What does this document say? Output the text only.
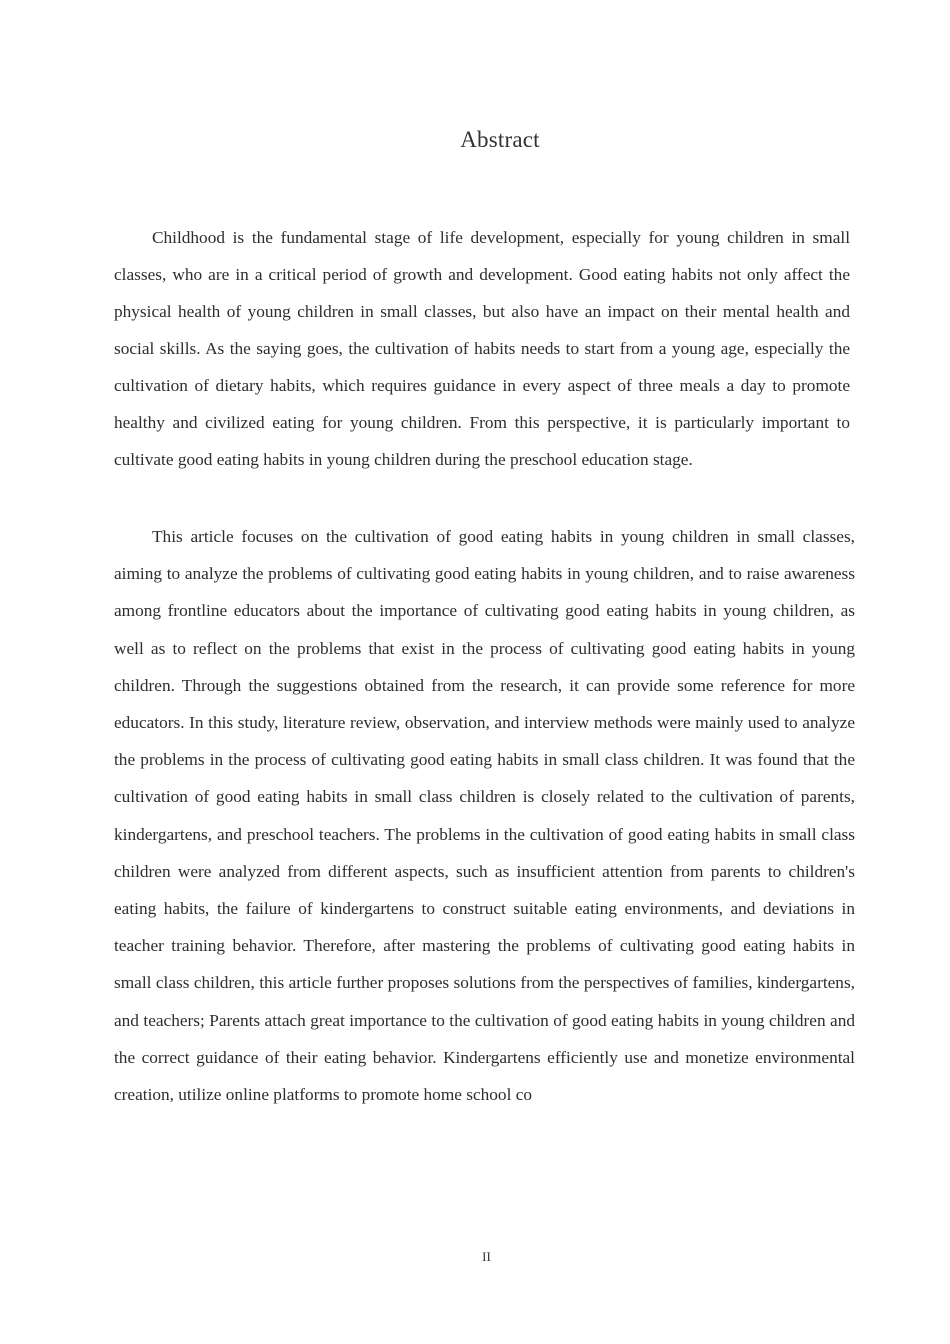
Abstract

Childhood is the fundamental stage of life development, especially for young children in small classes, who are in a critical period of growth and development. Good eating habits not only affect the physical health of young children in small classes, but also have an impact on their mental health and social skills. As the saying goes, the cultivation of habits needs to start from a young age, especially the cultivation of dietary habits, which requires guidance in every aspect of three meals a day to promote healthy and civilized eating for young children. From this perspective, it is particularly important to cultivate good eating habits in young children during the preschool education stage.

This article focuses on the cultivation of good eating habits in young children in small classes, aiming to analyze the problems of cultivating good eating habits in young children, and to raise awareness among frontline educators about the importance of cultivating good eating habits in young children, as well as to reflect on the problems that exist in the process of cultivating good eating habits in young children. Through the suggestions obtained from the research, it can provide some reference for more educators. In this study, literature review, observation, and interview methods were mainly used to analyze the problems in the process of cultivating good eating habits in small class children. It was found that the cultivation of good eating habits in small class children is closely related to the cultivation of parents, kindergartens, and preschool teachers. The problems in the cultivation of good eating habits in small class children were analyzed from different aspects, such as insufficient attention from parents to children's eating habits, the failure of kindergartens to construct suitable eating environments, and deviations in teacher training behavior. Therefore, after mastering the problems of cultivating good eating habits in small class children, this article further proposes solutions from the perspectives of families, kindergartens, and teachers; Parents attach great importance to the cultivation of good eating habits in young children and the correct guidance of their eating behavior. Kindergartens efficiently use and monetize environmental creation, utilize online platforms to promote home school co

II
